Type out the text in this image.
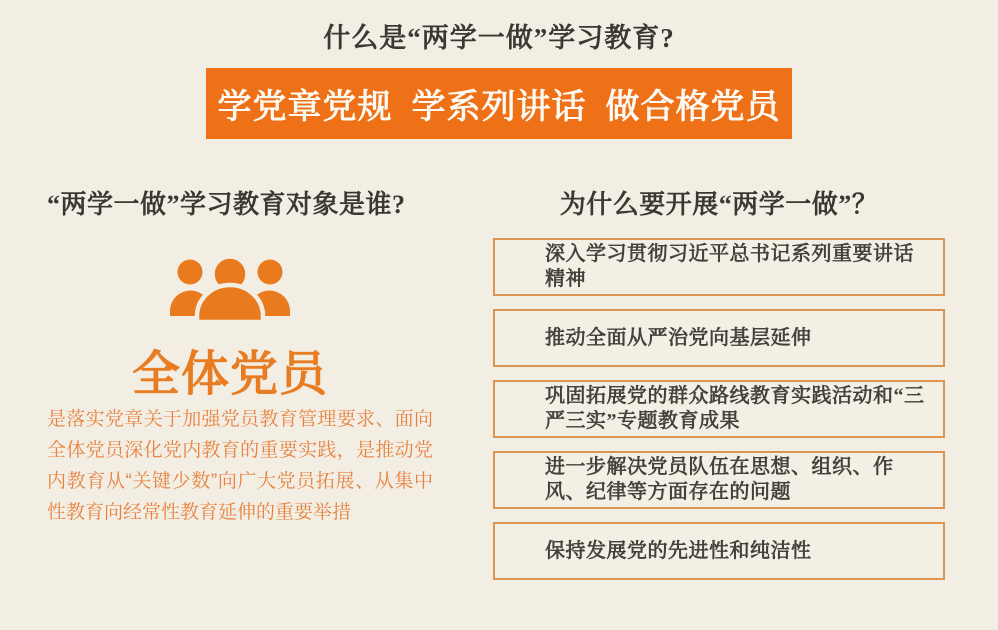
什么是“两学一做”学习教育?
学党章党规  学系列讲话  做合格党员
“两学一做”学习教育对象是谁?
全体党员
是落实党章关于加强党员教育管理要求、面向全体党员深化党内教育的重要实践，是推动党内教育从“关键少数”向广大党员拓展、从集中性教育向经常性教育延伸的重要举措
为什么要开展“两学一做”？
深入学习贯彻习近平总书记系列重要讲话精神
推动全面从严治党向基层延伸
巩固拓展党的群众路线教育实践活动和“三严三实”专题教育成果
进一步解决党员队伍在思想、组织、作风、纪律等方面存在的问题
保持发展党的先进性和纯洁性
